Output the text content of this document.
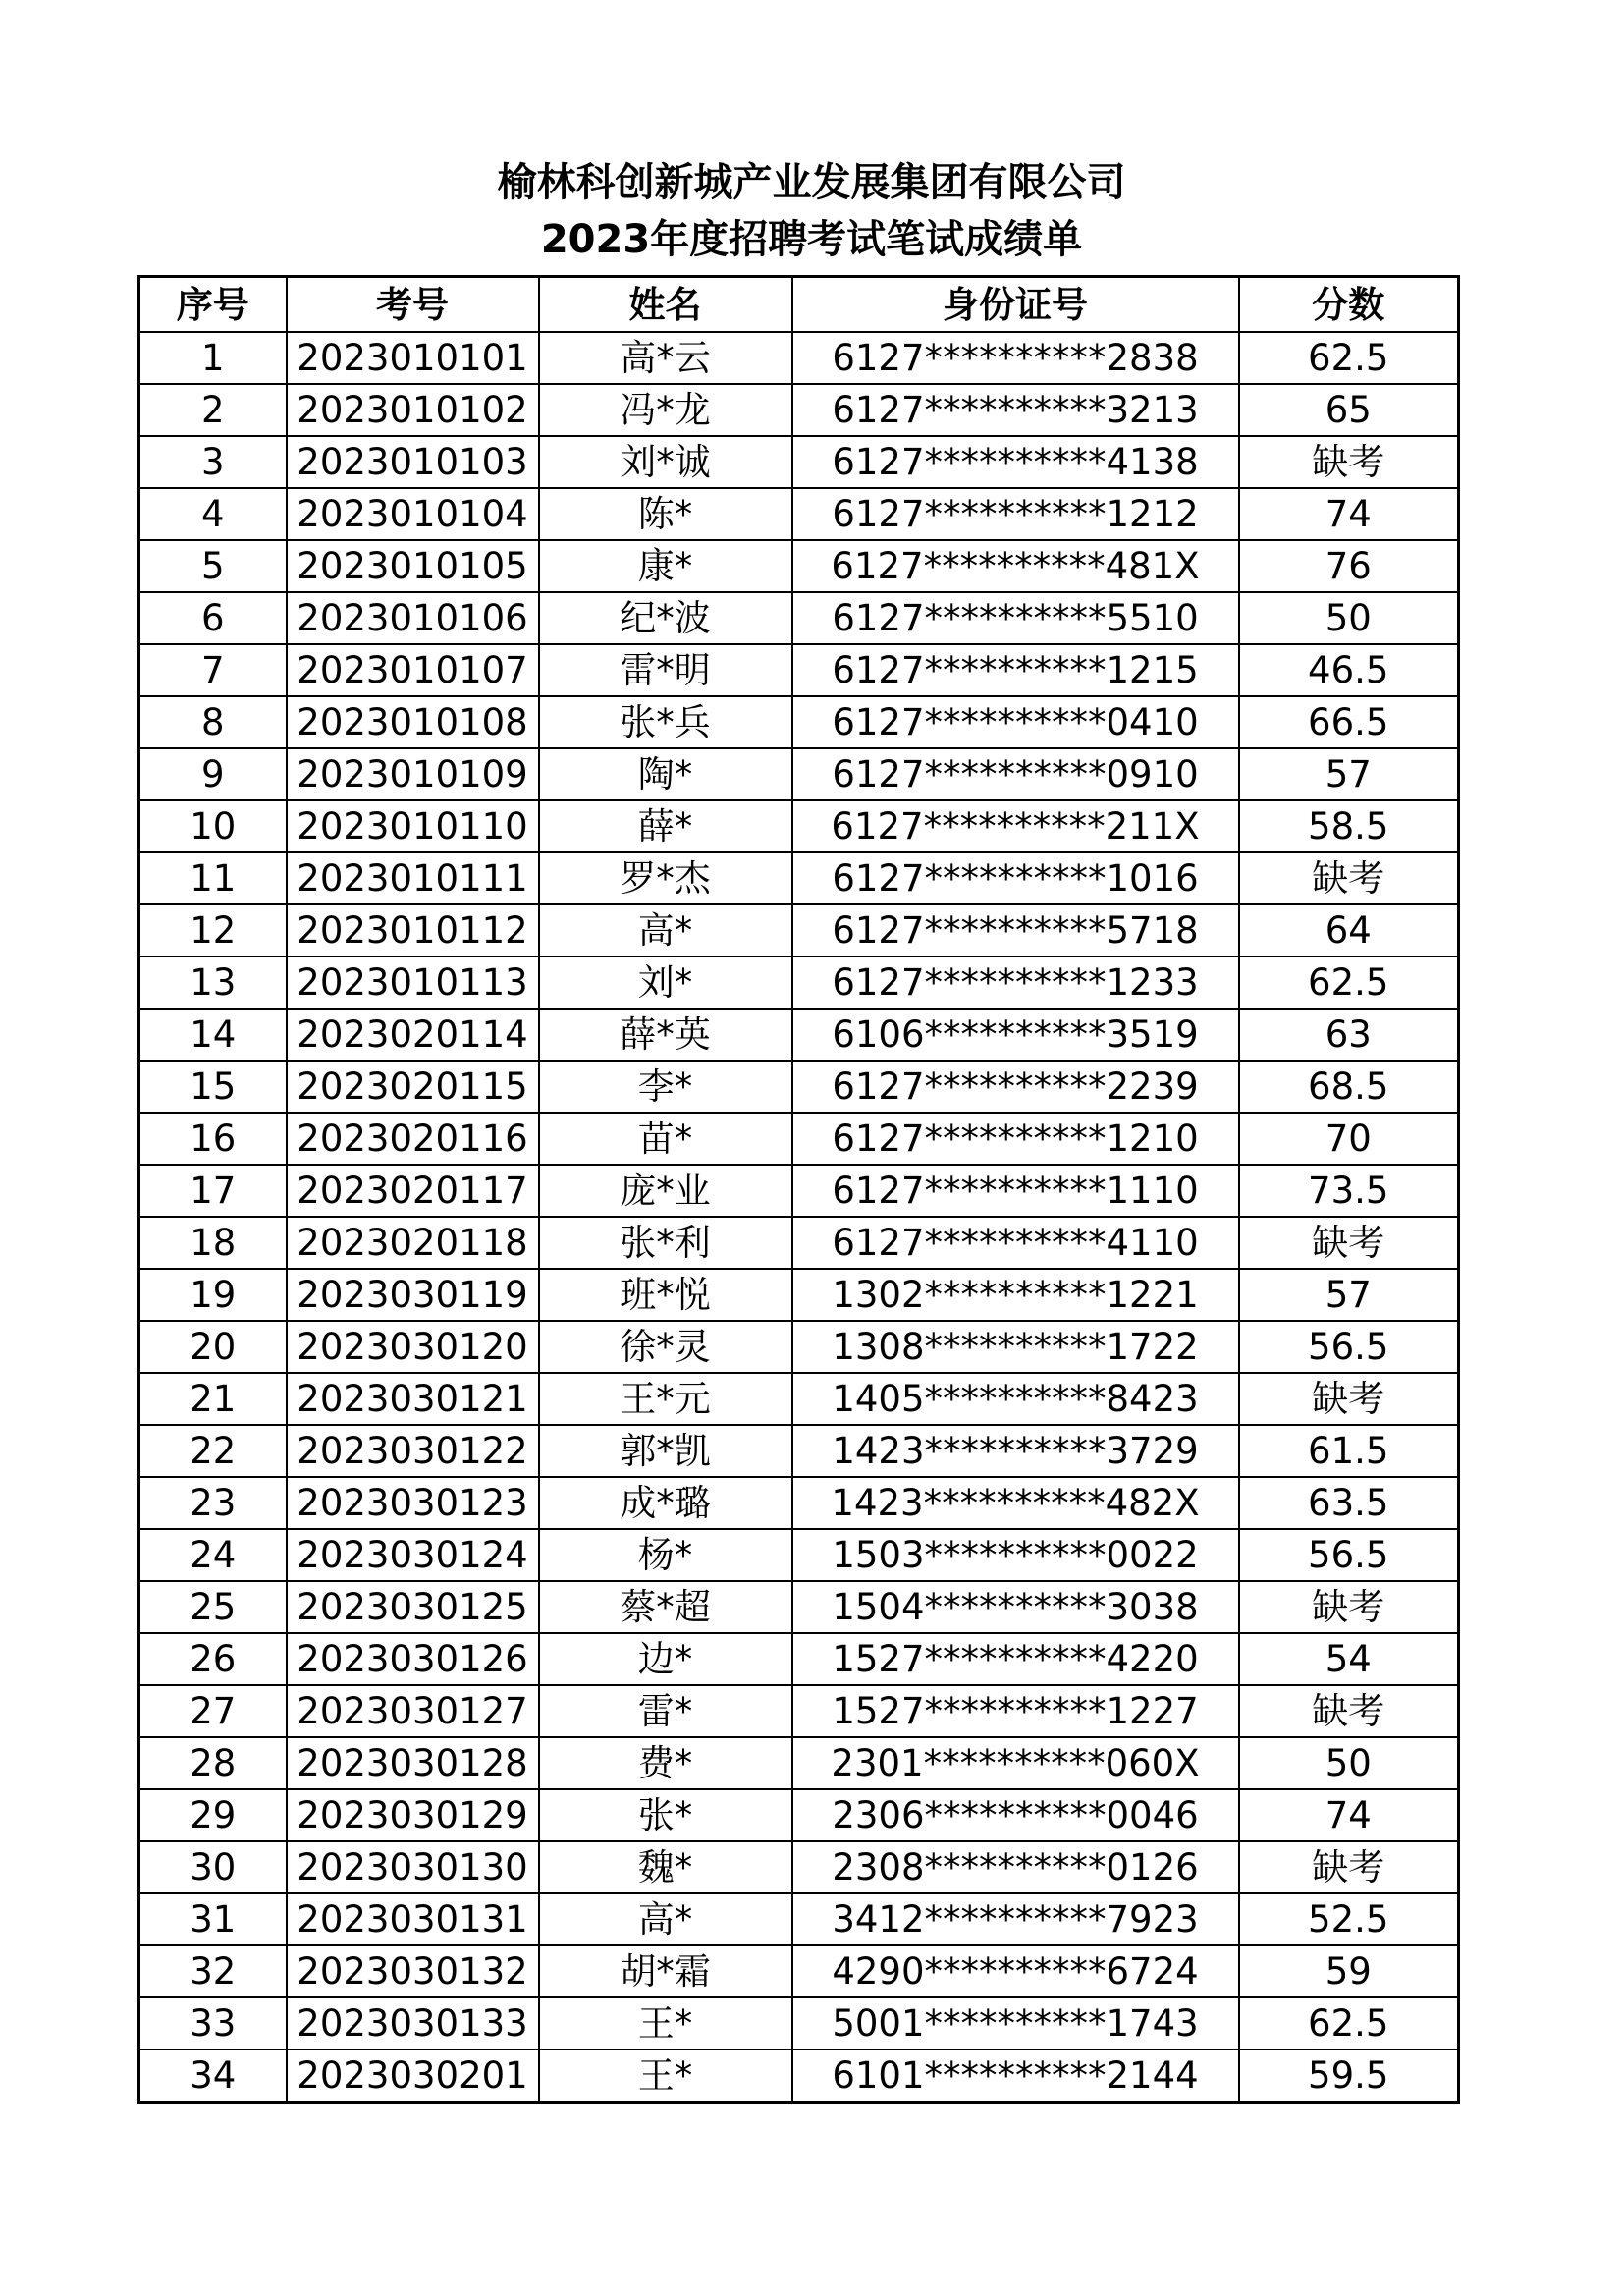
榆林科创新城产业发展集团有限公司
2023年度招聘考试笔试成绩单
序号	考号	姓名	身份证号	分数
1	2023010101	高*云	6127**********2838	62.5
2	2023010102	冯*龙	6127**********3213	65
3	2023010103	刘*诚	6127**********4138	缺考
4	2023010104	陈*	6127**********1212	74
5	2023010105	康*	6127**********481X	76
6	2023010106	纪*波	6127**********5510	50
7	2023010107	雷*明	6127**********1215	46.5
8	2023010108	张*兵	6127**********0410	66.5
9	2023010109	陶*	6127**********0910	57
10	2023010110	薛*	6127**********211X	58.5
11	2023010111	罗*杰	6127**********1016	缺考
12	2023010112	高*	6127**********5718	64
13	2023010113	刘*	6127**********1233	62.5
14	2023020114	薛*英	6106**********3519	63
15	2023020115	李*	6127**********2239	68.5
16	2023020116	苗*	6127**********1210	70
17	2023020117	庞*业	6127**********1110	73.5
18	2023020118	张*利	6127**********4110	缺考
19	2023030119	班*悦	1302**********1221	57
20	2023030120	徐*灵	1308**********1722	56.5
21	2023030121	王*元	1405**********8423	缺考
22	2023030122	郭*凯	1423**********3729	61.5
23	2023030123	成*璐	1423**********482X	63.5
24	2023030124	杨*	1503**********0022	56.5
25	2023030125	蔡*超	1504**********3038	缺考
26	2023030126	边*	1527**********4220	54
27	2023030127	雷*	1527**********1227	缺考
28	2023030128	费*	2301**********060X	50
29	2023030129	张*	2306**********0046	74
30	2023030130	魏*	2308**********0126	缺考
31	2023030131	高*	3412**********7923	52.5
32	2023030132	胡*霜	4290**********6724	59
33	2023030133	王*	5001**********1743	62.5
34	2023030201	王*	6101**********2144	59.5
